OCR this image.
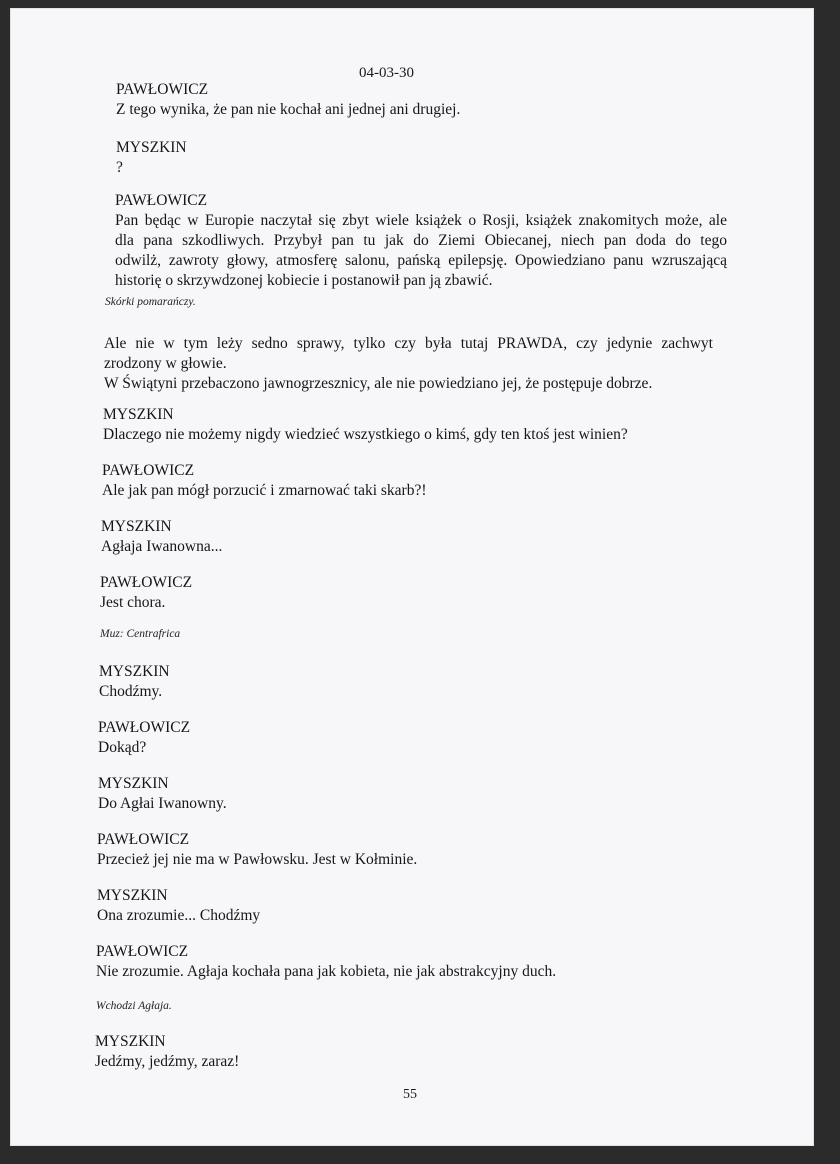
04-03-30
PAWŁOWICZ
Z tego wynika, że pan nie kochał ani jednej ani drugiej.
MYSZKIN
?
PAWŁOWICZ
Pan będąc w Europie naczytał się zbyt wiele książek o Rosji, książek znakomitych może, ale
dla pana szkodliwych. Przybył pan tu jak do Ziemi Obiecanej, niech pan doda do tego
odwilż, zawroty głowy, atmosferę salonu, pańską epilepsję. Opowiedziano panu wzruszającą
historię o skrzywdzonej kobiecie i postanowił pan ją zbawić.
Skórki pomarańczy.
Ale nie w tym leży sedno sprawy, tylko czy była tutaj PRAWDA, czy jedynie zachwyt
zrodzony w głowie.
W Świątyni przebaczono jawnogrzesznicy, ale nie powiedziano jej, że postępuje dobrze.
MYSZKIN
Dlaczego nie możemy nigdy wiedzieć wszystkiego o kimś, gdy ten ktoś jest winien?
PAWŁOWICZ
Ale jak pan mógł porzucić i zmarnować taki skarb?!
MYSZKIN
Agłaja Iwanowna...
PAWŁOWICZ
Jest chora.
Muz: Centrafrica
MYSZKIN
Chodźmy.
PAWŁOWICZ
Dokąd?
MYSZKIN
Do Agłai Iwanowny.
PAWŁOWICZ
Przecież jej nie ma w Pawłowsku. Jest w Kołminie.
MYSZKIN
Ona zrozumie... Chodźmy
PAWŁOWICZ
Nie zrozumie. Agłaja kochała pana jak kobieta, nie jak abstrakcyjny duch.
Wchodzi Agłaja.
MYSZKIN
Jedźmy, jedźmy, zaraz!
55
